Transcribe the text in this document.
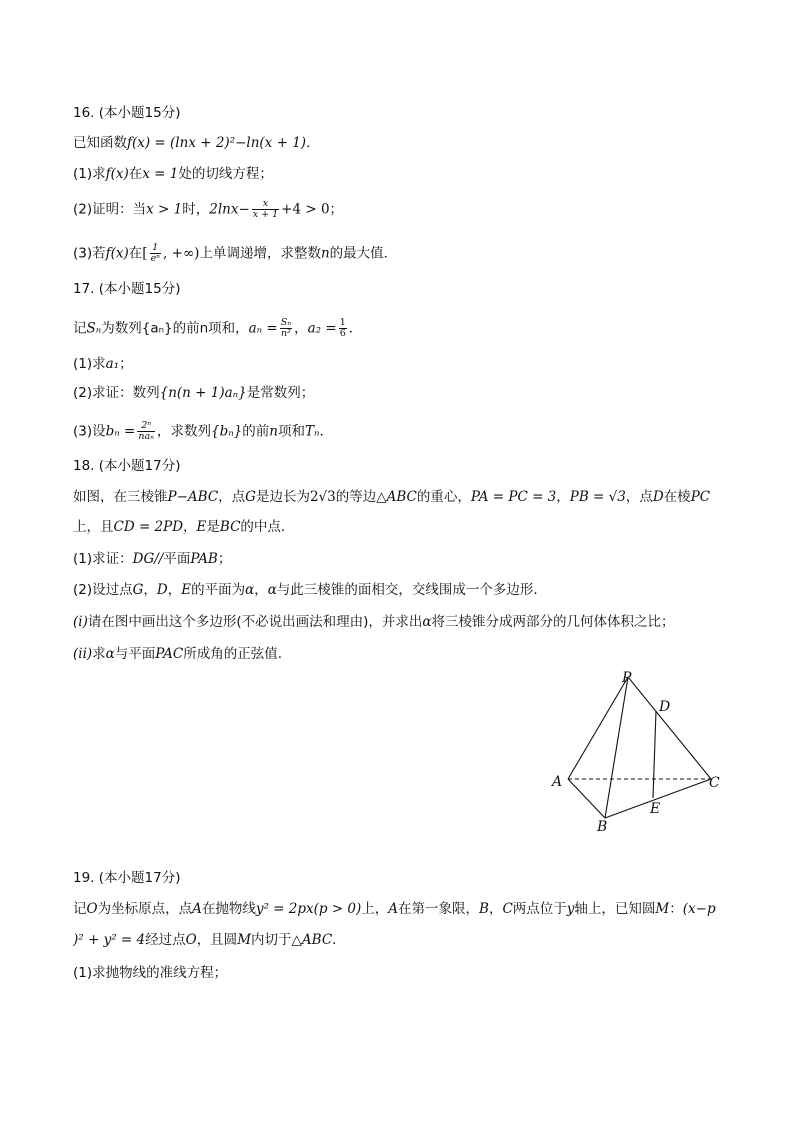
16. (本小题15分)
已知函数f(x) = (lnx + 2)²−ln(x + 1)．
(1)求f(x)在x = 1处的切线方程；
(2)证明：当x > 1时，$2\ln x- \frac{x}{x + 1} +4 > 0$；
(3)若f(x)在[ $\frac{1}{\text{eⁿ}}$ , +∞)上单调递增，求整数n的最大值．
17. (本小题15分)
记Sₙ为数列{aₙ}的前n项和，$a_n = \frac{\text{Sₙ}}{\text{n²}}$ ，$a_2 = \frac{1}{6}$ ．
(1)求a₁；
(2)求证：数列{n(n + 1)aₙ}是常数列；
(3)设$b_n = \frac{\text{2ⁿ}}{\text{naₙ}}$ ，求数列{bₙ}的前n项和Tₙ．
18. (本小题17分)
如图，在三棱锥P−ABC，点G是边长为2√3的等边△ABC的重心，PA = PC = 3，PB = √3，点D在棱PC
上，且CD = 2PD，E是BC的中点．
(1)求证：DG//平面PAB；
(2)设过点G，D，E的平面为α，α与此三棱锥的面相交，交线围成一个多边形．
(i)请在图中画出这个多边形(不必说出画法和理由)，并求出α将三棱锥分成两部分的几何体体积之比；
(ii)求α与平面PAC所成角的正弦值．
P
D
A	C
E
B
19. (本小题17分)
记O为坐标原点，点A在抛物线y² = 2px(p > 0)上，A在第一象限，B，C两点位于y轴上，已知圆M：(x−p
)² + y² = 4经过点O，且圆M内切于△ABC．
(1)求抛物线的准线方程；
